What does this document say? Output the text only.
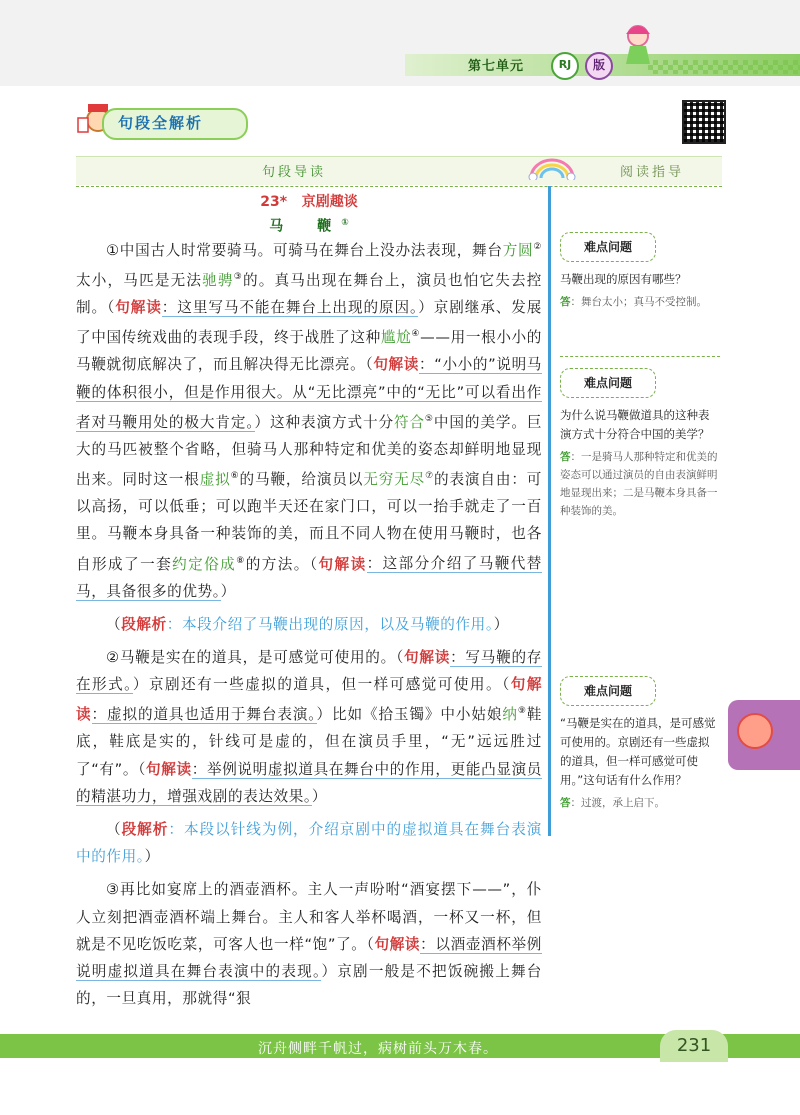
第七单元	RJ	版
句段全解析
句段导读	阅读指导
23* 京剧趣谈
马　鞭①

①中国古人时常要骑马。可骑马在舞台上没办法表现，舞台方圆②太小，马匹是无法驰骋③的。真马出现在舞台上，演员也怕它失去控制。（句解读：这里写马不能在舞台上出现的原因。）京剧继承、发展了中国传统戏曲的表现手段，终于战胜了这种尴尬④——用一根小小的马鞭就彻底解决了，而且解决得无比漂亮。（句解读：“小小的”说明马鞭的体积很小，但是作用很大。从“无比漂亮”中的“无比”可以看出作者对马鞭用处的极大肯定。）这种表演方式十分符合⑤中国的美学。巨大的马匹被整个省略，但骑马人那种特定和优美的姿态却鲜明地显现出来。同时这一根虚拟⑥的马鞭，给演员以无穷无尽⑦的表演自由：可以高扬，可以低垂；可以跑半天还在家门口，可以一抬手就走了一百里。马鞭本身具备一种装饰的美，而且不同人物在使用马鞭时，也各自形成了一套约定俗成⑧的方法。（句解读：这部分介绍了马鞭代替马，具备很多的优势。）

（段解析：本段介绍了马鞭出现的原因，以及马鞭的作用。）

②马鞭是实在的道具，是可感觉可使用的。（句解读：写马鞭的存在形式。）京剧还有一些虚拟的道具，但一样可感觉可使用。（句解读：虚拟的道具也适用于舞台表演。）比如《拾玉镯》中小姑娘纳⑨鞋底，鞋底是实的，针线可是虚的，但在演员手里，“无”远远胜过了“有”。（句解读：举例说明虚拟道具在舞台中的作用，更能凸显演员的精湛功力，增强戏剧的表达效果。）

（段解析：本段以针线为例，介绍京剧中的虚拟道具在舞台表演中的作用。）

③再比如宴席上的酒壶酒杯。主人一声吩咐“酒宴摆下——”，仆人立刻把酒壶酒杯端上舞台。主人和客人举杯喝酒，一杯又一杯，但就是不见吃饭吃菜，可客人也一样“饱”了。（句解读：以酒壶酒杯举例说明虚拟道具在舞台表演中的表现。）京剧一般是不把饭碗搬上舞台的，一旦真用，那就得“狠

难点问题
马鞭出现的原因有哪些？
答：舞台太小；真马不受控制。
难点问题
为什么说马鞭做道具的这种表演方式十分符合中国的美学？
答：一是骑马人那种特定和优美的姿态可以通过演员的自由表演鲜明地显现出来；二是马鞭本身具备一种装饰的美。
难点问题
“马鞭是实在的道具，是可感觉可使用的。京剧还有一些虚拟的道具，但一样可感觉可使用。”这句话有什么作用？
答：过渡，承上启下。
沉舟侧畔千帆过，病树前头万木春。	231
